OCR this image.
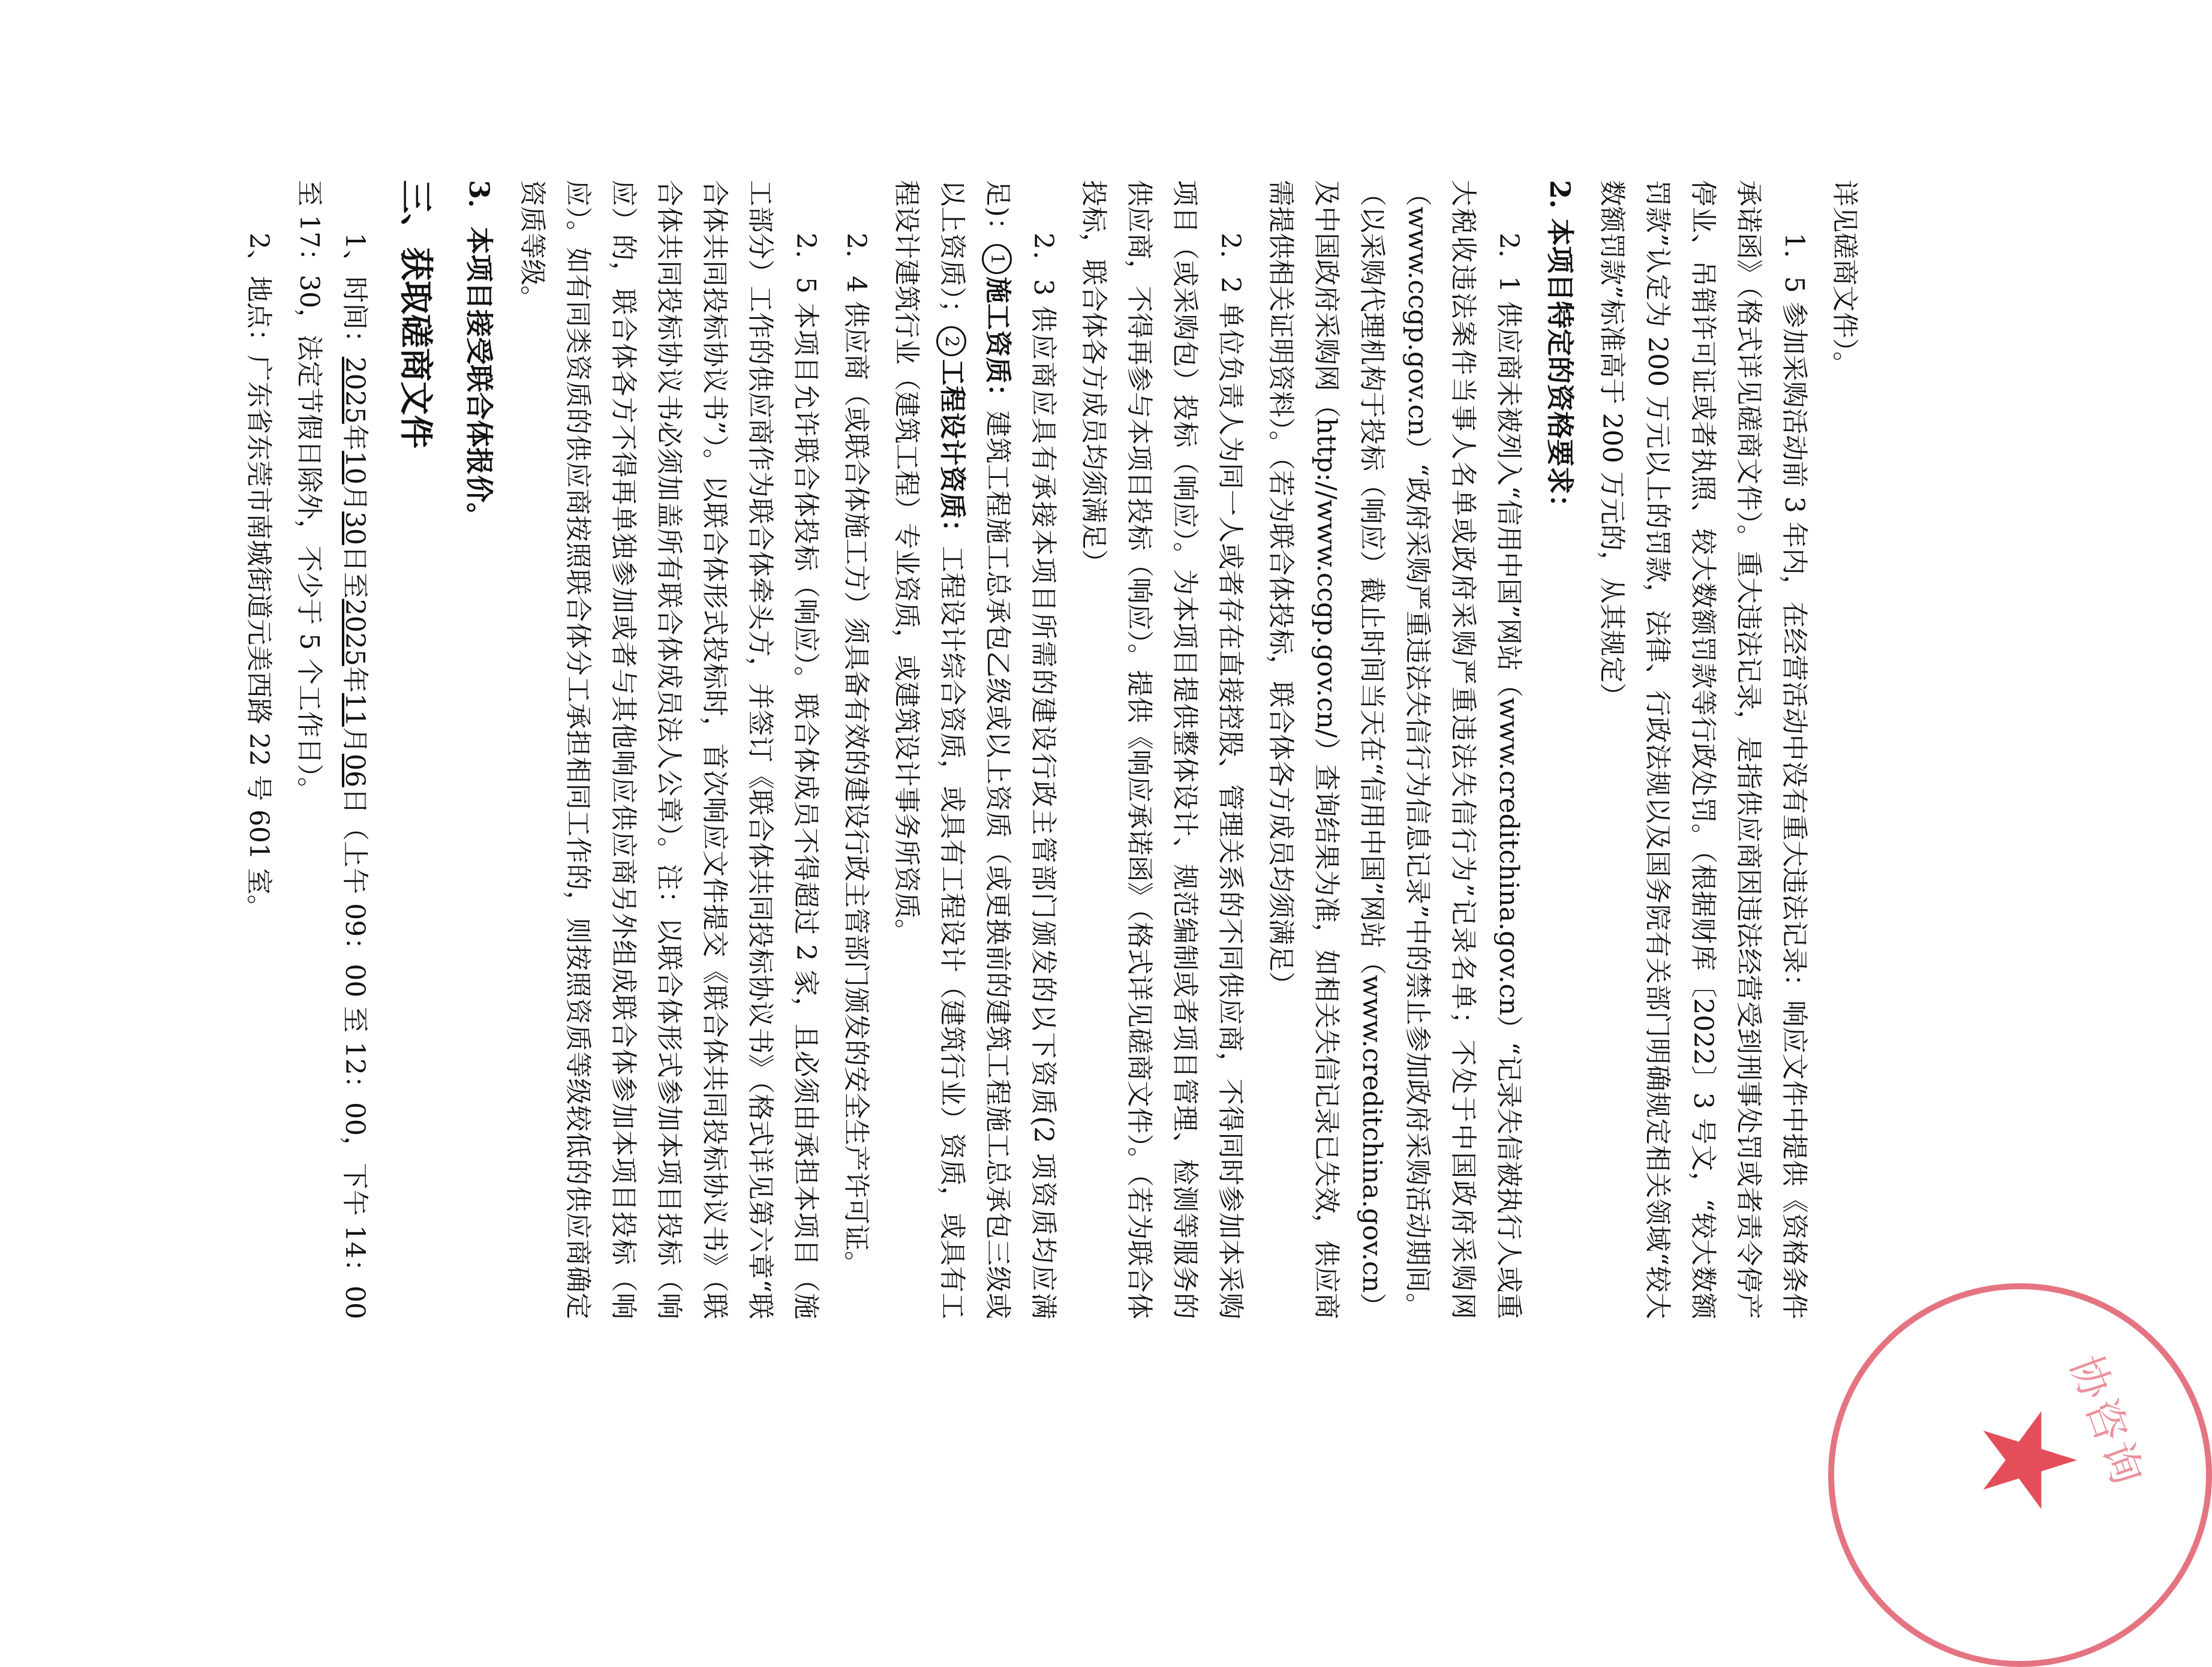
协咨询
详见磋商文件）。
1．5 参加采购活动前 3 年内，在经营活动中没有重大违法记录：响应文件中提供《资格条件承诺函》（格式详见磋商文件）。重大违法记录，是指供应商因违法经营受到刑事处罚或者责令停产停业、吊销许可证或者执照、较大数额罚款等行政处罚。（根据财库〔2022〕3 号文，“较大数额罚款”认定为 200 万元以上的罚款，法律、行政法规以及国务院有关部门明确规定相关领域“较大数额罚款”标准高于 200 万元的，从其规定）
2. 本项目特定的资格要求：
2．1 供应商未被列入“信用中国”网站（www.creditchina.gov.cn）“记录失信被执行人或重大税收违法案件当事人名单或政府采购严重违法失信行为”记录名单；不处于中国政府采购网（www.ccgp.gov.cn）“政府采购严重违法失信行为信息记录”中的禁止参加政府采购活动期间。（以采购代理机构于投标（响应）截止时间当天在“信用中国”网站（www.creditchina.gov.cn）及中国政府采购网（http://www.ccgp.gov.cn/）查询结果为准，如相关失信记录已失效，供应商需提供相关证明资料）。（若为联合体投标，联合体各方成员均须满足）
2．2 单位负责人为同一人或者存在直接控股、管理关系的不同供应商，不得同时参加本采购项目（或采购包）投标（响应）。为本项目提供整体设计、规范编制或者项目管理、检测等服务的供应商，不得再参与本项目投标（响应）。提供《响应承诺函》（格式详见磋商文件）。（若为联合体投标，联合体各方成员均须满足）
2．3 供应商应具有承接本项目所需的建设行政主管部门颁发的以下资质(2 项资质均应满足)：1施工资质：建筑工程施工总承包乙级或以上资质（或更换前的建筑工程施工总承包三级或以上资质）；2工程设计资质：工程设计综合资质，或具有工程设计（建筑行业）资质，或具有工程设计建筑行业（建筑工程）专业资质，或建筑设计事务所资质。
2．4 供应商（或联合体施工方）须具备有效的建设行政主管部门颁发的安全生产许可证。
2．5 本项目允许联合体投标（响应）。联合体成员不得超过 2 家，且必须由承担本项目（施工部分）工作的供应商作为联合体牵头方，并签订《联合体共同投标协议书》（格式详见第六章“联合体共同投标协议书”）。以联合体形式投标时，首次响应文件提交《联合体共同投标协议书》（联合体共同投标协议书必须加盖所有联合体成员法人公章）。注：以联合体形式参加本项目投标（响应）的，联合体各方不得再单独参加或者与其他响应供应商另外组成联合体参加本项目投标（响应）。如有同类资质的供应商按照联合体分工承担相同工作的，则按照资质等级较低的供应商确定资质等级。
3．本项目接受联合体报价。
三、获取磋商文件
1、时间：2025年10月30日至2025年11月06日（上午 09：00 至 12：00，下午 14：00 至 17：30，法定节假日除外，不少于 5 个工作日）。
2、地点：广东省东莞市南城街道元美西路 22 号 601 室。
